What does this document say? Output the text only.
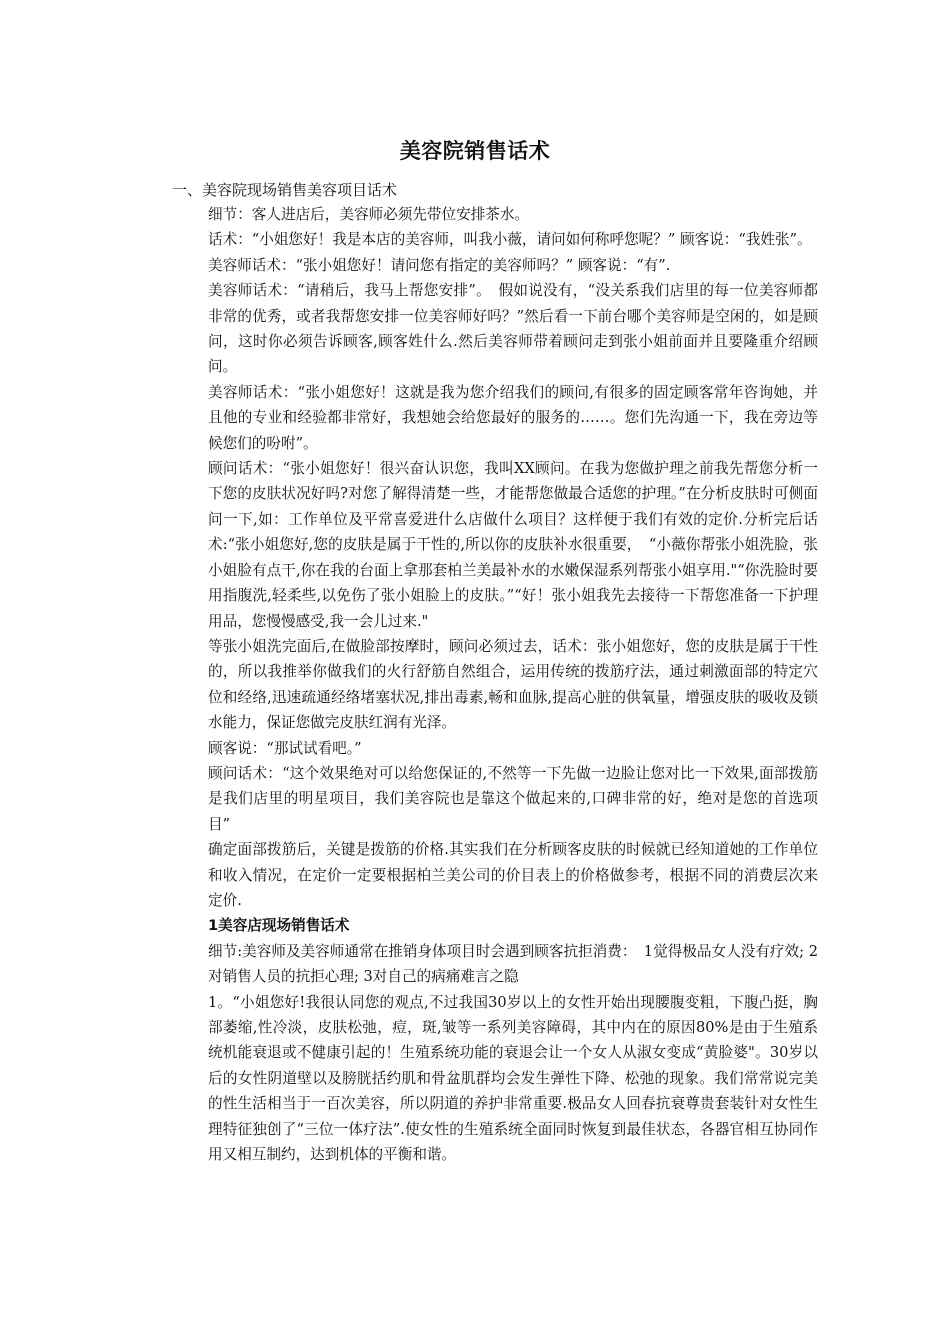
美容院销售话术
一、美容院现场销售美容项目话术

细节：客人进店后，美容师必须先带位安排茶水。

话术：“小姐您好！我是本店的美容师，叫我小薇，请问如何称呼您呢？” 顾客说：“我姓张”。

美容师话术：“张小姐您好！请问您有指定的美容师吗？” 顾客说：“有”.

美容师话术：“请稍后，我马上帮您安排”。　假如说没有，“没关系我们店里的每一位美容师都非常的优秀，或者我帮您安排一位美容师好吗？”然后看一下前台哪个美容师是空闲的，如是顾问，这时你必须告诉顾客,顾客姓什么.然后美容师带着顾问走到张小姐前面并且要隆重介绍顾问。

美容师话术：“张小姐您好！这就是我为您介绍我们的顾问,有很多的固定顾客常年咨询她，并且他的专业和经验都非常好，我想她会给您最好的服务的……。您们先沟通一下，我在旁边等候您们的吩咐”。

顾问话术：“张小姐您好！很兴奋认识您，我叫XX顾问。在我为您做护理之前我先帮您分析一下您的皮肤状况好吗?对您了解得清楚一些，才能帮您做最合适您的护理。”在分析皮肤时可侧面问一下,如：工作单位及平常喜爱进什么店做什么项目？这样便于我们有效的定价.分析完后话术:“张小姐您好,您的皮肤是属于干性的,所以你的皮肤补水很重要，　“小薇你帮张小姐洗脸，张小姐脸有点干,你在我的台面上拿那套柏兰美最补水的水嫩保湿系列帮张小姐享用."“你洗脸时要用指腹洗,轻柔些,以免伤了张小姐脸上的皮肤。”“好！张小姐我先去接待一下帮您准备一下护理用品，您慢慢感受,我一会儿过来."

等张小姐洗完面后,在做脸部按摩时，顾问必须过去，话术：张小姐您好，您的皮肤是属于干性的，所以我推举你做我们的火行舒筋自然组合，运用传统的拨筋疗法，通过刺激面部的特定穴位和经络,迅速疏通经络堵塞状况,排出毒素,畅和血脉,提高心脏的供氧量，增强皮肤的吸收及锁水能力，保证您做完皮肤红润有光泽。

顾客说：“那试试看吧。”

顾问话术：“这个效果绝对可以给您保证的,不然等一下先做一边脸让您对比一下效果,面部拨筋是我们店里的明星项目，我们美容院也是靠这个做起来的,口碑非常的好，绝对是您的首选项目”

确定面部拨筋后，关键是拨筋的价格.其实我们在分析顾客皮肤的时候就已经知道她的工作单位和收入情况，在定价一定要根据柏兰美公司的价目表上的价格做参考，根据不同的消费层次来定价.

1美容店现场销售话术

细节:美容师及美容师通常在推销身体项目时会遇到顾客抗拒消费：　1觉得极品女人没有疗效; 2对销售人员的抗拒心理; 3对自己的病痛难言之隐

1。“小姐您好!我很认同您的观点,不过我国30岁以上的女性开始出现腰腹变粗，下腹凸挺，胸部萎缩,性冷淡，皮肤松弛，痘，斑,皱等一系列美容障碍，其中内在的原因80%是由于生殖系统机能衰退或不健康引起的！生殖系统功能的衰退会让一个女人从淑女变成“黄脸婆"。30岁以后的女性阴道壁以及膀胱括约肌和骨盆肌群均会发生弹性下降、松弛的现象。我们常常说完美的性生活相当于一百次美容，所以阴道的养护非常重要.极品女人回春抗衰尊贵套装针对女性生理特征独创了“三位一体疗法”.使女性的生殖系统全面同时恢复到最佳状态，各器官相互协同作用又相互制约，达到机体的平衡和谐。
